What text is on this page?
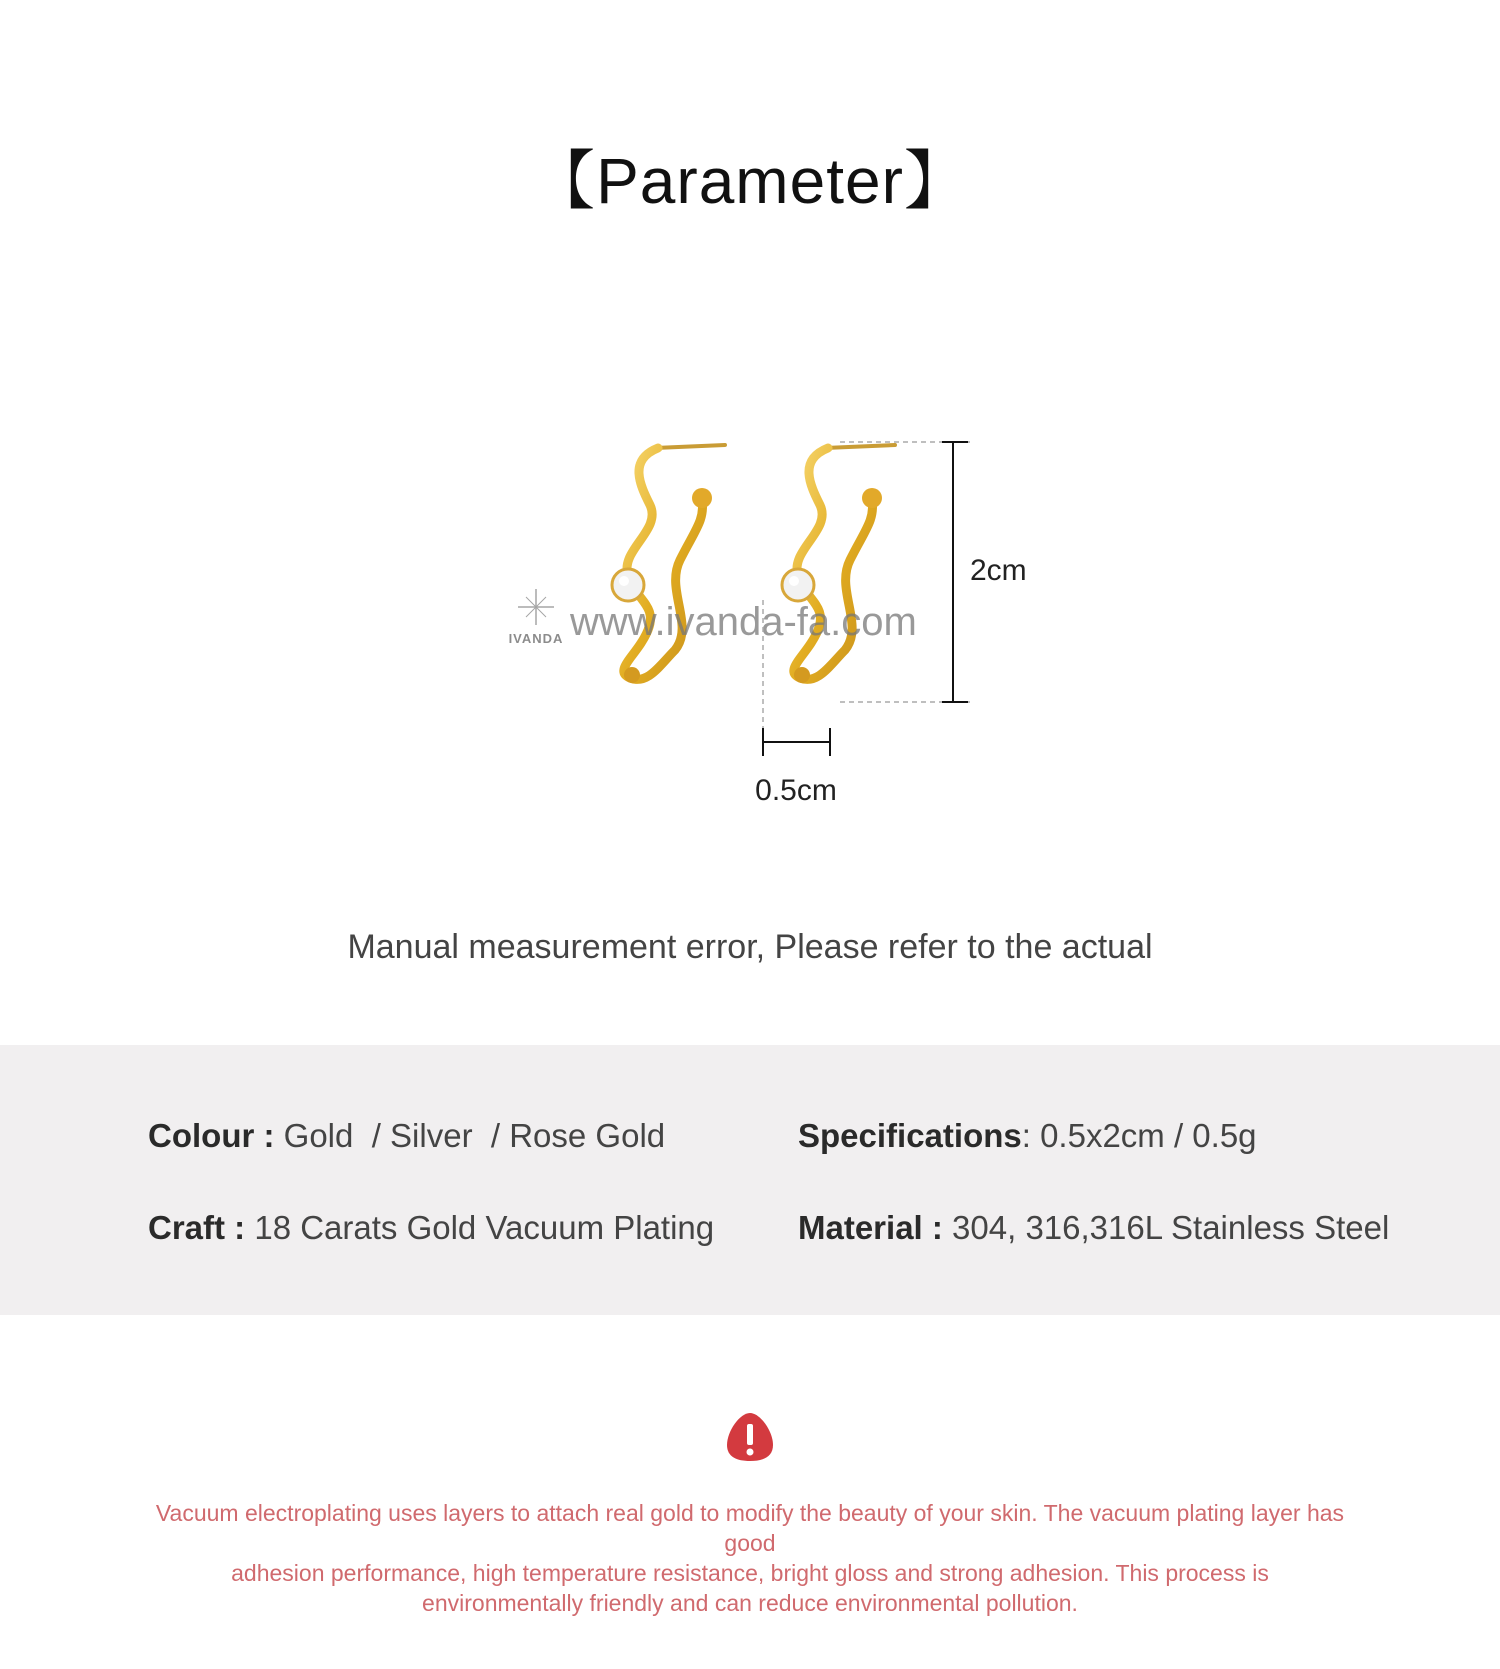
【Parameter】
IVANDA www.ivanda-fa.com
2cm
0.5cm
Manual measurement error, Please refer to the actual
Colour : Gold  / Silver  / Rose Gold	Specifications: 0.5x2cm / 0.5g
Craft : 18 Carats Gold Vacuum Plating	Material : 304, 316,316L Stainless Steel
Vacuum electroplating uses layers to attach real gold to modify the beauty of your skin. The vacuum plating layer has good
adhesion performance, high temperature resistance, bright gloss and strong adhesion. This process is
environmentally friendly and can reduce environmental pollution.
